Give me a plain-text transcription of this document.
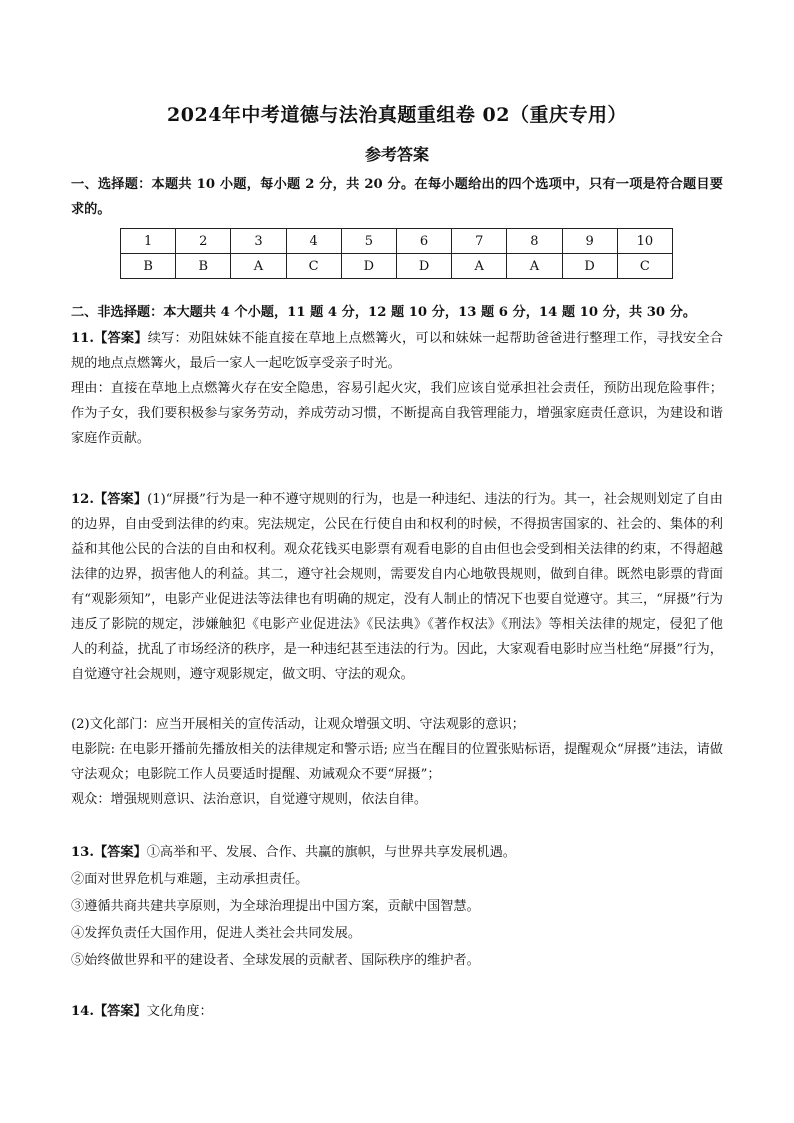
2024年中考道德与法治真题重组卷 02（重庆专用）
参考答案

一、选择题：本题共 10 小题，每小题 2 分，共 20 分。在每小题给出的四个选项中，只有一项是符合题目要求的。

1	2	3	4	5	6	7	8	9	10
B	B	A	C	D	D	A	A	D	C

二、非选择题：本大题共 4 个小题，11 题 4 分，12 题 10 分，13 题 6 分，14 题 10 分，共 30 分。

11.【答案】续写：劝阻妹妹不能直接在草地上点燃篝火，可以和妹妹一起帮助爸爸进行整理工作，寻找安全合规的地点点燃篝火，最后一家人一起吃饭享受亲子时光。

理由：直接在草地上点燃篝火存在安全隐患，容易引起火灾，我们应该自觉承担社会责任，预防出现危险事件；作为子女，我们要积极参与家务劳动，养成劳动习惯，不断提高自我管理能力，增强家庭责任意识，为建设和谐家庭作贡献。

12.【答案】(1)“屏摄”行为是一种不遵守规则的行为，也是一种违纪、违法的行为。其一，社会规则划定了自由的边界，自由受到法律的约束。宪法规定，公民在行使自由和权利的时候，不得损害国家的、社会的、集体的利益和其他公民的合法的自由和权利。观众花钱买电影票有观看电影的自由但也会受到相关法律的约束，不得超越法律的边界，损害他人的利益。其二，遵守社会规则，需要发自内心地敬畏规则，做到自律。既然电影票的背面有“观影须知”，电影产业促进法等法律也有明确的规定，没有人制止的情况下也要自觉遵守。其三，“屏摄”行为违反了影院的规定，涉嫌触犯《电影产业促进法》《民法典》《著作权法》《刑法》等相关法律的规定，侵犯了他人的利益，扰乱了市场经济的秩序，是一种违纪甚至违法的行为。因此，大家观看电影时应当杜绝“屏摄”行为，自觉遵守社会规则，遵守观影规定，做文明、守法的观众。

(2)文化部门：应当开展相关的宣传活动，让观众增强文明、守法观影的意识；

电影院: 在电影开播前先播放相关的法律规定和警示语; 应当在醒目的位置张贴标语，提醒观众“屏摄”违法，请做守法观众；电影院工作人员要适时提醒、劝诫观众不要“屏摄”；

观众：增强规则意识、法治意识，自觉遵守规则，依法自律。

13.【答案】①高举和平、发展、合作、共赢的旗帜，与世界共享发展机遇。

②面对世界危机与难题，主动承担责任。

③遵循共商共建共享原则，为全球治理提出中国方案，贡献中国智慧。

④发挥负责任大国作用，促进人类社会共同发展。

⑤始终做世界和平的建设者、全球发展的贡献者、国际秩序的维护者。

14.【答案】文化角度：
